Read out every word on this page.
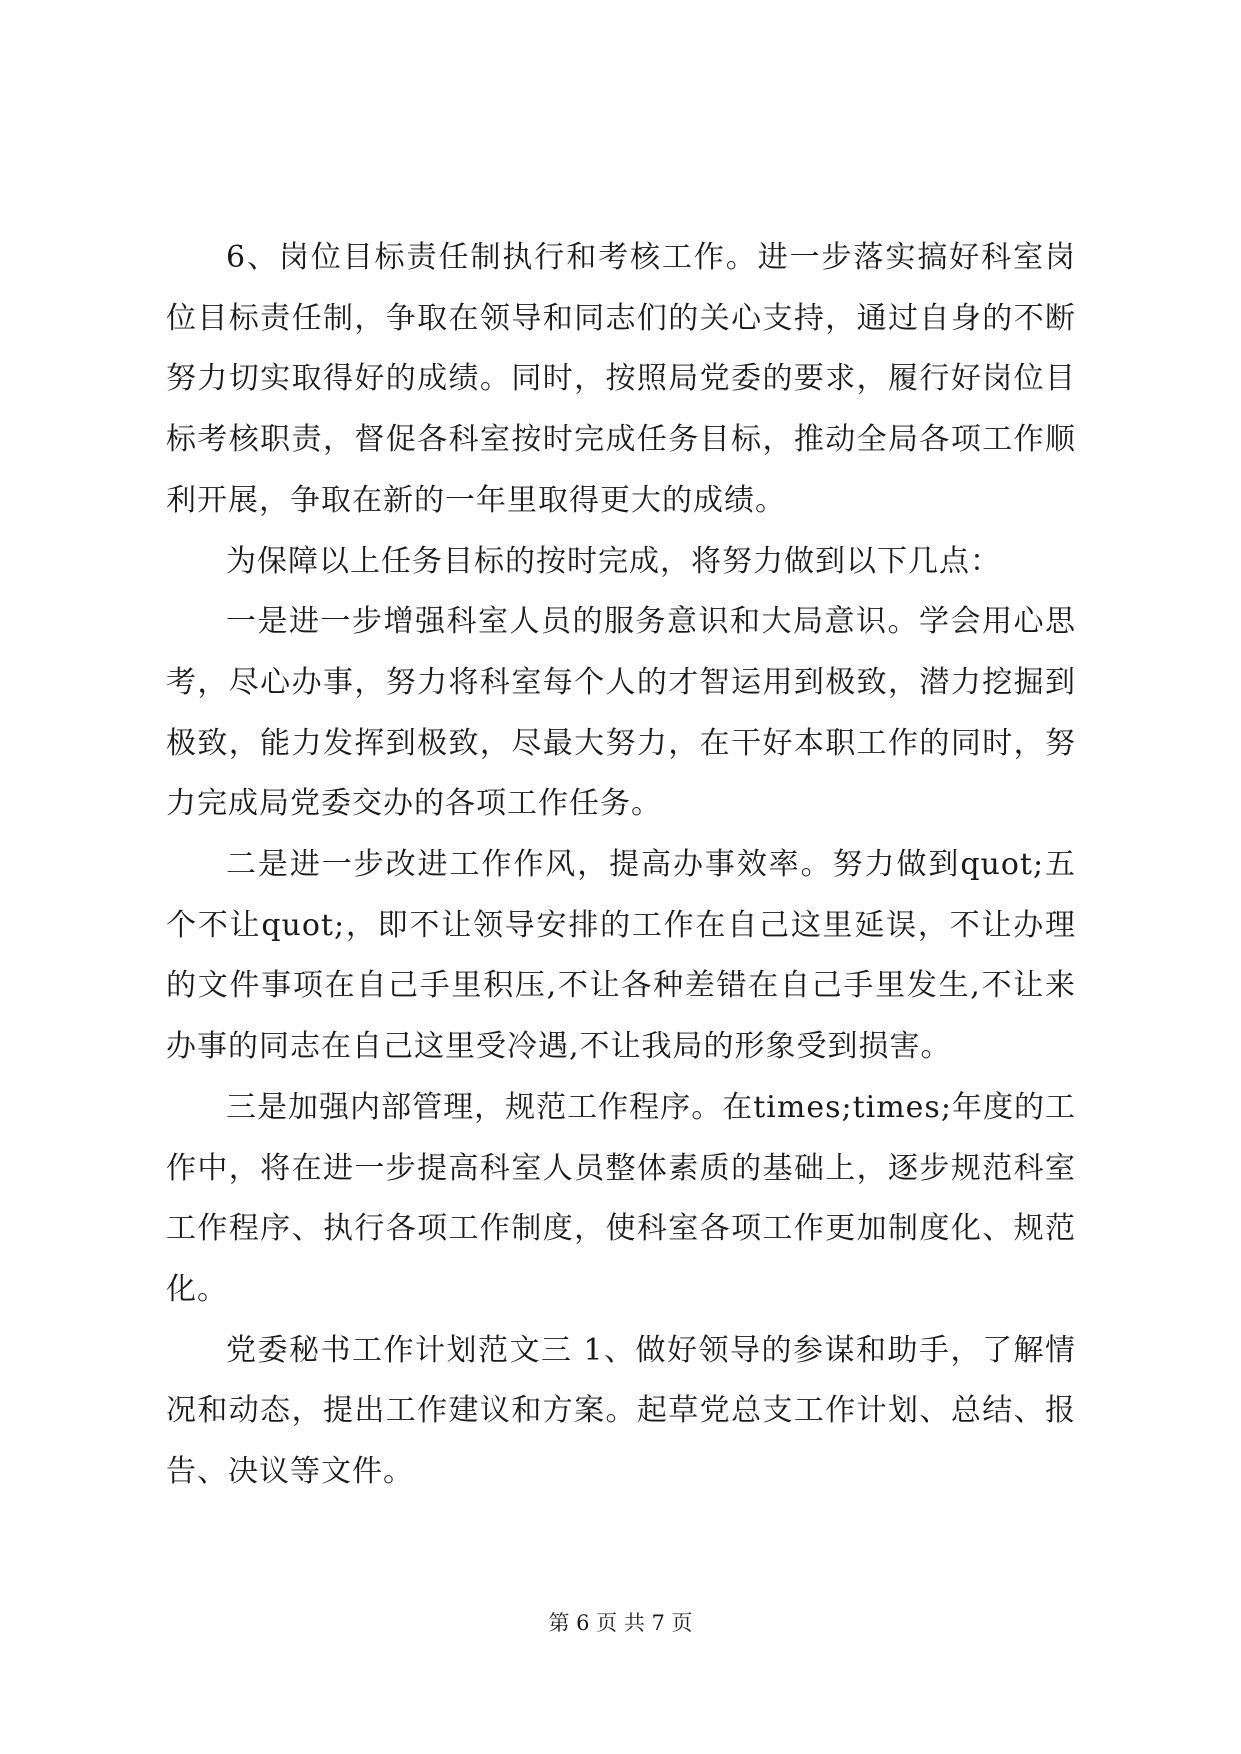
6、岗位目标责任制执行和考核工作。进一步落实搞好科室岗位目标责任制，争取在领导和同志们的关心支持，通过自身的不断努力切实取得好的成绩。同时，按照局党委的要求，履行好岗位目标考核职责，督促各科室按时完成任务目标，推动全局各项工作顺利开展，争取在新的一年里取得更大的成绩。

为保障以上任务目标的按时完成，将努力做到以下几点：

一是进一步增强科室人员的服务意识和大局意识。学会用心思考，尽心办事，努力将科室每个人的才智运用到极致，潜力挖掘到极致，能力发挥到极致，尽最大努力，在干好本职工作的同时，努力完成局党委交办的各项工作任务。

二是进一步改进工作作风，提高办事效率。努力做到quot;五个不让quot;，即不让领导安排的工作在自己这里延误，不让办理的文件事项在自己手里积压,不让各种差错在自己手里发生,不让来办事的同志在自己这里受冷遇,不让我局的形象受到损害。

三是加强内部管理，规范工作程序。在times;times;年度的工作中，将在进一步提高科室人员整体素质的基础上，逐步规范科室工作程序、执行各项工作制度，使科室各项工作更加制度化、规范化。

党委秘书工作计划范文三 1、做好领导的参谋和助手，了解情况和动态，提出工作建议和方案。起草党总支工作计划、总结、报告、决议等文件。

第 6 页 共 7 页
